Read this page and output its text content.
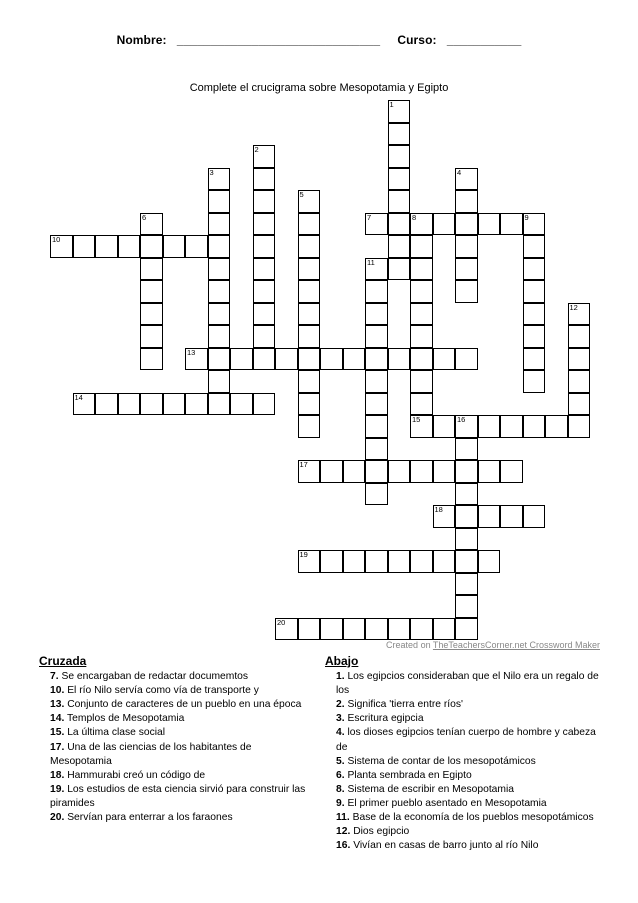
Nombre: ______________________________ Curso: ___________
Complete el crucigrama sobre Mesopotamia y Egipto
1
2
3	4
5
6	7	8	9
15
10
11
12
13
14
16
17
18
19
20
Created on TheTeachersCorner.net Crossword Maker
Cruzada
7. Se encargaban de redactar documemtos
10. El río Nilo servía como vía de transporte y
13. Conjunto de caracteres de un pueblo en una época
14. Templos de Mesopotamia
15. La última clase social
17. Una de las ciencias de los habitantes de Mesopotamia
18. Hammurabi creó un código de
19. Los estudios de esta ciencia sirvió para construir las piramides
20. Servían para enterrar a los faraones
Abajo
1. Los egipcios consideraban que el Nilo era un regalo de los
2. Significa 'tierra entre ríos'
3. Escritura egipcia
4. los dioses egipcios tenían cuerpo de hombre y cabeza de
5. Sistema de contar de los mesopotámicos
6. Planta sembrada en Egipto
8. Sistema de escribir en Mesopotamia
9. El primer pueblo asentado en Mesopotamia
11. Base de la economía de los pueblos mesopotámicos
12. Dios egipcio
16. Vivían en casas de barro junto al río Nilo
